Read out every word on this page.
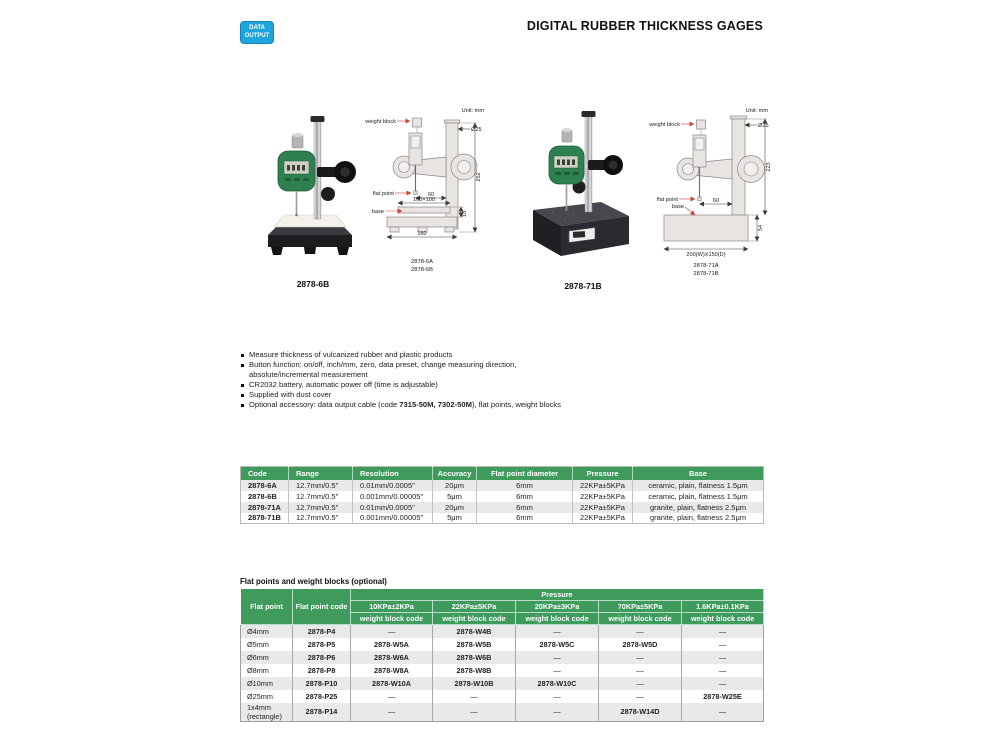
DATA
OUTPUT
DIGITAL RUBBER THICKNESS GAGES
Unit: mm
60
100×100
18
160
252
Ø25
weight block
flat point
base
2878-6A
2878-6B
2878-6B
Unit: mm
60
54
223
Ø25
200(W)X150(D)
weight block
flat point
base
2878-71A
2878-71B
2878-71B
Measure thickness of vulcanized rubber and plastic products
Button function: on/off, inch/mm, zero, data preset, change measuring direction, absolute/incremental measurement
CR2032 battery, automatic power off (time is adjustable)
Supplied with dust cover
Optional accessory: data output cable (code 7315-50M, 7302-50M), flat points, weight blocks
Code	Range	Resolution	Accuracy	Flat point diameter	Pressure	Base
2878-6A	12.7mm/0.5"	0.01mm/0.0005"	20μm	6mm	22KPa±5KPa	ceramic, plain, flatness 1.5μm
2878-6B	12.7mm/0.5"	0.001mm/0.00005"	5μm	6mm	22KPa±5KPa	ceramic, plain, flatness 1.5μm
2878-71A	12.7mm/0.5"	0.01mm/0.0005"	20μm	6mm	22KPa±5KPa	granite, plain, flatness 2.5μm
2878-71B	12.7mm/0.5"	0.001mm/0.00005"	5μm	6mm	22KPa±5KPa	granite, plain, flatness 2.5μm
Flat points and weight blocks (optional)
Flat point	Flat point code	Pressure				
		10KPa±2KPa	22KPa±5KPa	20KPa±3KPa	70KPa±5KPa	1.6KPa±0.1KPa
		weight block code	weight block code	weight block code	weight block code	weight block code
Ø4mm	2878-P4	—	2878-W4B	—	—	—
Ø5mm	2878-P5	2878-W5A	2878-W5B	2878-W5C	2878-W5D	—
Ø6mm	2878-P6	2878-W6A	2878-W6B	—	—	—
Ø8mm	2878-P8	2878-W8A	2878-W8B	—	—	—
Ø10mm	2878-P10	2878-W10A	2878-W10B	2878-W10C	—	—
Ø25mm	2878-P25	—	—	—	—	2878-W25E
1x4mm (rectangle)	2878-P14	—	—	—	2878-W14D	—
